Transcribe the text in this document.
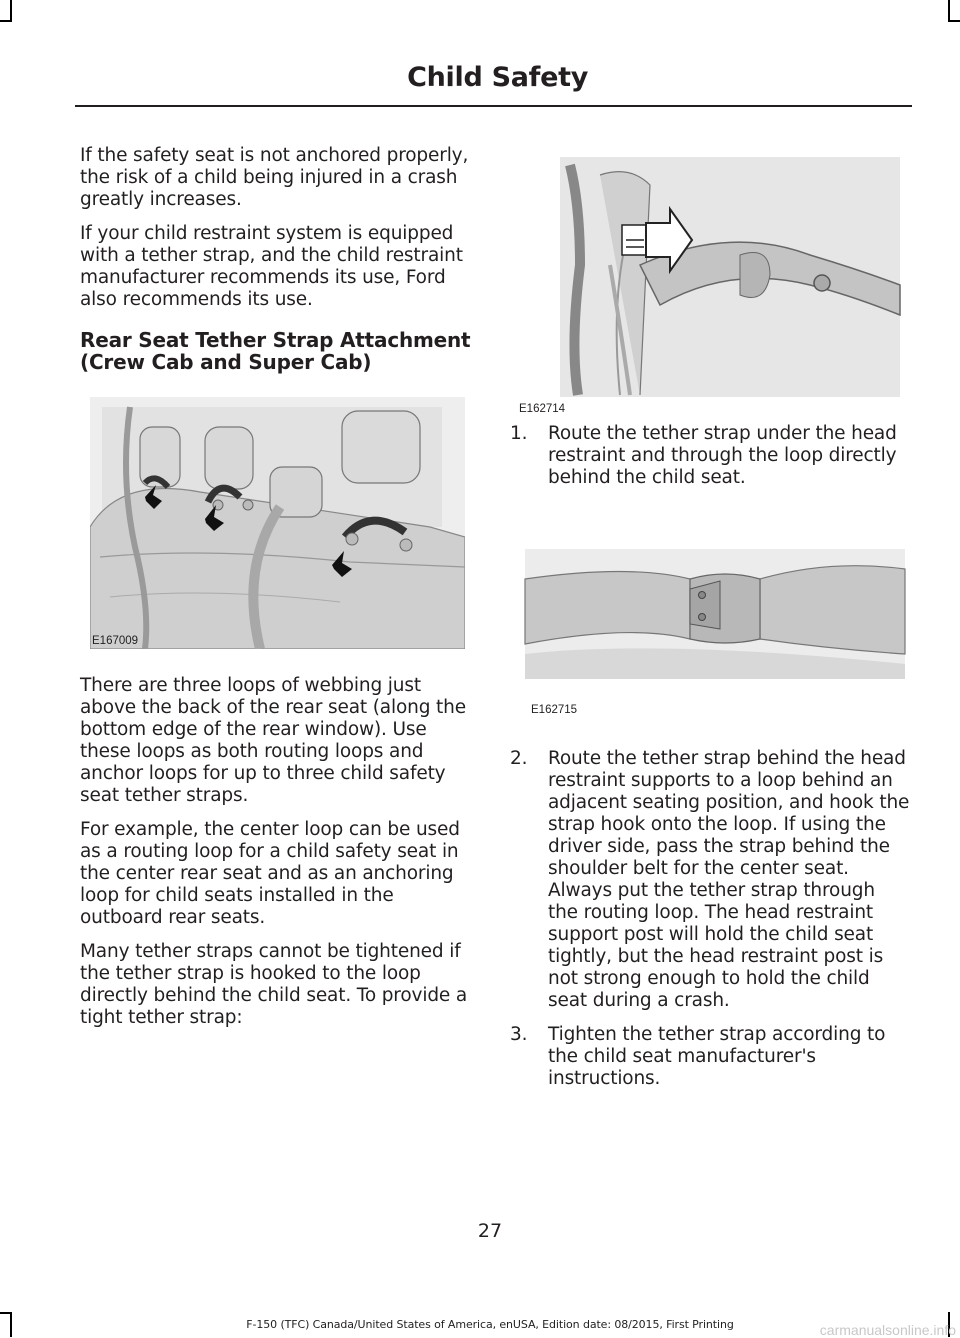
Child Safety

If the safety seat is not anchored properly, the risk of a child being injured in a crash greatly increases.

If your child restraint system is equipped with a tether strap, and the child restraint manufacturer recommends its use, Ford also recommends its use.

Rear Seat Tether Strap Attachment (Crew Cab and Super Cab)
E167009

There are three loops of webbing just above the back of the rear seat (along the bottom edge of the rear window). Use these loops as both routing loops and anchor loops for up to three child safety seat tether straps.

For example, the center loop can be used as a routing loop for a child safety seat in the center rear seat and as an anchoring loop for child seats installed in the outboard rear seats.

Many tether straps cannot be tightened if the tether strap is hooked to the loop directly behind the child seat. To provide a tight tether strap:

E162714
1. Route the tether strap under the head restraint and through the loop directly behind the child seat.
E162715
2. Route the tether strap behind the head restraint supports to a loop behind an adjacent seating position, and hook the strap hook onto the loop. If using the driver side, pass the strap behind the shoulder belt for the center seat. Always put the tether strap through the routing loop. The head restraint support post will hold the child seat tightly, but the head restraint post is not strong enough to hold the child seat during a crash.
3. Tighten the tether strap according to the child seat manufacturer's instructions.
27
F-150 (TFC) Canada/United States of America, enUSA, Edition date: 08/2015, First Printing	carmanualsonline.info
